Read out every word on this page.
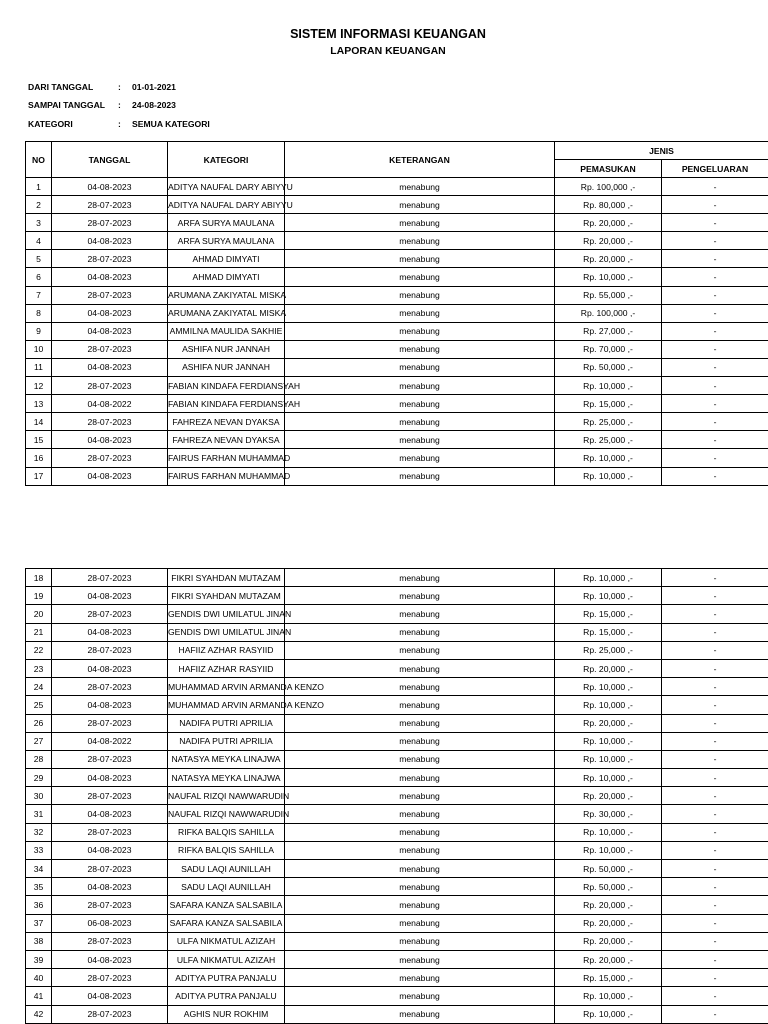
SISTEM INFORMASI KEUANGAN
LAPORAN KEUANGAN
DARI TANGGAL	: 01-01-2021
SAMPAI TANGGAL : 24-08-2023
KATEGORI	: SEMUA KATEGORI
NO	TANGGAL	KATEGORI	KETERANGAN	JENIS	
				PEMASUKAN	PENGELUARAN
1	04-08-2023	ADITYA NAUFAL DARY ABIYYU	menabung	Rp. 100,000 ,-	-
2	28-07-2023	ADITYA NAUFAL DARY ABIYYU	menabung	Rp. 80,000 ,-	-
3	28-07-2023	ARFA SURYA MAULANA	menabung	Rp. 20,000 ,-	-
4	04-08-2023	ARFA SURYA MAULANA	menabung	Rp. 20,000 ,-	-
5	28-07-2023	AHMAD DIMYATI	menabung	Rp. 20,000 ,-	-
6	04-08-2023	AHMAD DIMYATI	menabung	Rp. 10,000 ,-	-
7	28-07-2023	ARUMANA ZAKIYATAL MISKA	menabung	Rp. 55,000 ,-	-
8	04-08-2023	ARUMANA ZAKIYATAL MISKA	menabung	Rp. 100,000 ,-	-
9	04-08-2023	AMMILNA MAULIDA SAKHIE	menabung	Rp. 27,000 ,-	-
10	28-07-2023	ASHIFA NUR JANNAH	menabung	Rp. 70,000 ,-	-
11	04-08-2023	ASHIFA NUR JANNAH	menabung	Rp. 50,000 ,-	-
12	28-07-2023	FABIAN KINDAFA FERDIANSYAH	menabung	Rp. 10,000 ,-	-
13	04-08-2022	FABIAN KINDAFA FERDIANSYAH	menabung	Rp. 15,000 ,-	-
14	28-07-2023	FAHREZA NEVAN DYAKSA	menabung	Rp. 25,000 ,-	-
15	04-08-2023	FAHREZA NEVAN DYAKSA	menabung	Rp. 25,000 ,-	-
16	28-07-2023	FAIRUS FARHAN MUHAMMAD	menabung	Rp. 10,000 ,-	-
17	04-08-2023	FAIRUS FARHAN MUHAMMAD	menabung	Rp. 10,000 ,-	-
18	28-07-2023	FIKRI SYAHDAN MUTAZAM	menabung	Rp. 10,000 ,-	-
19	04-08-2023	FIKRI SYAHDAN MUTAZAM	menabung	Rp. 10,000 ,-	-
20	28-07-2023	GENDIS DWI UMILATUL JINAN	menabung	Rp. 15,000 ,-	-
21	04-08-2023	GENDIS DWI UMILATUL JINAN	menabung	Rp. 15,000 ,-	-
22	28-07-2023	HAFIIZ AZHAR RASYIID	menabung	Rp. 25,000 ,-	-
23	04-08-2023	HAFIIZ AZHAR RASYIID	menabung	Rp. 20,000 ,-	-
24	28-07-2023	MUHAMMAD ARVIN ARMANDA KENZO	menabung	Rp. 10,000 ,-	-
25	04-08-2023	MUHAMMAD ARVIN ARMANDA KENZO	menabung	Rp. 10,000 ,-	-
26	28-07-2023	NADIFA PUTRI APRILIA	menabung	Rp. 20,000 ,-	-
27	04-08-2022	NADIFA PUTRI APRILIA	menabung	Rp. 10,000 ,-	-
28	28-07-2023	NATASYA MEYKA LINAJWA	menabung	Rp. 10,000 ,-	-
29	04-08-2023	NATASYA MEYKA LINAJWA	menabung	Rp. 10,000 ,-	-
30	28-07-2023	NAUFAL RIZQI NAWWARUDIN	menabung	Rp. 20,000 ,-	-
31	04-08-2023	NAUFAL RIZQI NAWWARUDIN	menabung	Rp. 30,000 ,-	-
32	28-07-2023	RIFKA BALQIS SAHILLA	menabung	Rp. 10,000 ,-	-
33	04-08-2023	RIFKA BALQIS SAHILLA	menabung	Rp. 10,000 ,-	-
34	28-07-2023	SADU LAQI AUNILLAH	menabung	Rp. 50,000 ,-	-
35	04-08-2023	SADU LAQI AUNILLAH	menabung	Rp. 50,000 ,-	-
36	28-07-2023	SAFARA KANZA SALSABILA	menabung	Rp. 20,000 ,-	-
37	06-08-2023	SAFARA KANZA SALSABILA	menabung	Rp. 20,000 ,-	-
38	28-07-2023	ULFA NIKMATUL AZIZAH	menabung	Rp. 20,000 ,-	-
39	04-08-2023	ULFA NIKMATUL AZIZAH	menabung	Rp. 20,000 ,-	-
40	28-07-2023	ADITYA PUTRA PANJALU	menabung	Rp. 15,000 ,-	-
41	04-08-2023	ADITYA PUTRA PANJALU	menabung	Rp. 10,000 ,-	-
42	28-07-2023	AGHIS NUR ROKHIM	menabung	Rp. 10,000 ,-	-
